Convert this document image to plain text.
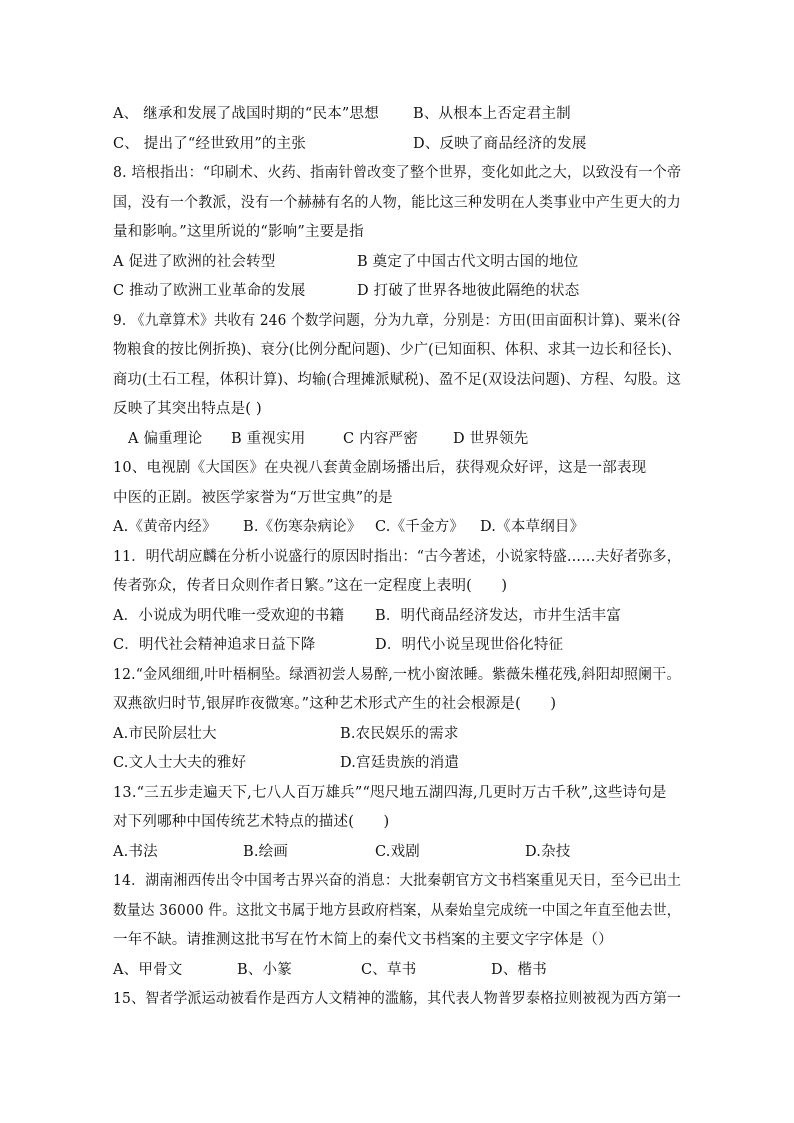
A、 继承和发展了战国时期的“民本”思想 B、从根本上否定君主制
C、 提出了“经世致用”的主张	D、反映了商品经济的发展
8. 培根指出：“印刷术、火药、指南针曾改变了整个世界，变化如此之大，以致没有一个帝
国，没有一个教派，没有一个赫赫有名的人物，能比这三种发明在人类事业中产生更大的力
量和影响。”这里所说的“影响”主要是指
A 促进了欧洲的社会转型	B 奠定了中国古代文明古国的地位
C 推动了欧洲工业革命的发展	D 打破了世界各地彼此隔绝的状态
9. 《九章算术》共收有 246 个数学问题，分为九章，分别是：方田(田亩面积计算)、粟米(谷
物粮食的按比例折换)、衰分(比例分配问题)、少广(已知面积、体积、求其一边长和径长)、
商功(土石工程，体积计算)、均输(合理摊派赋税)、盈不足(双设法问题)、方程、勾股。这
反映了其突出特点是( )
A 偏重理论 B 重视实用	C 内容严密 D 世界领先
10、电视剧《大国医》在央视八套黄金剧场播出后，获得观众好评，这是一部表现
中医的正剧。被医学家誉为“万世宝典”的是
A.《黄帝内经》 B.《伤寒杂病论》 C.《千金方》 D.《本草纲目》
11．明代胡应麟在分析小说盛行的原因时指出：“古今著述，小说家特盛……夫好者弥多，
传者弥众，传者日众则作者日繁。”这在一定程度上表明(　　)
A．小说成为明代唯一受欢迎的书籍 B．明代商品经济发达，市井生活丰富
C．明代社会精神追求日益下降	D．明代小说呈现世俗化特征
12.“金风细细,叶叶梧桐坠。绿酒初尝人易醉,一枕小窗浓睡。紫薇朱槿花残,斜阳却照阑干。
双燕欲归时节,银屏昨夜微寒。”这种艺术形式产生的社会根源是(　　)
A.市民阶层壮大	B.农民娱乐的需求
C.文人士大夫的雅好	D.宫廷贵族的消遣
13.“三五步走遍天下,七八人百万雄兵”“咫尺地五湖四海,几更时万古千秋”,这些诗句是
对下列哪种中国传统艺术特点的描述(　　)
A.书法	B.绘画	C.戏剧	D.杂技
14．湖南湘西传出令中国考古界兴奋的消息：大批秦朝官方文书档案重见天日，至今已出土
数量达 36000 件。这批文书属于地方县政府档案，从秦始皇完成统一中国之年直至他去世，
一年不缺。请推测这批书写在竹木简上的秦代文书档案的主要文字字体是（）
A、甲骨文	B、小篆	C、草书	D、楷书
15、智者学派运动被看作是西方人文精神的滥觞，其代表人物普罗泰格拉则被视为西方第一
